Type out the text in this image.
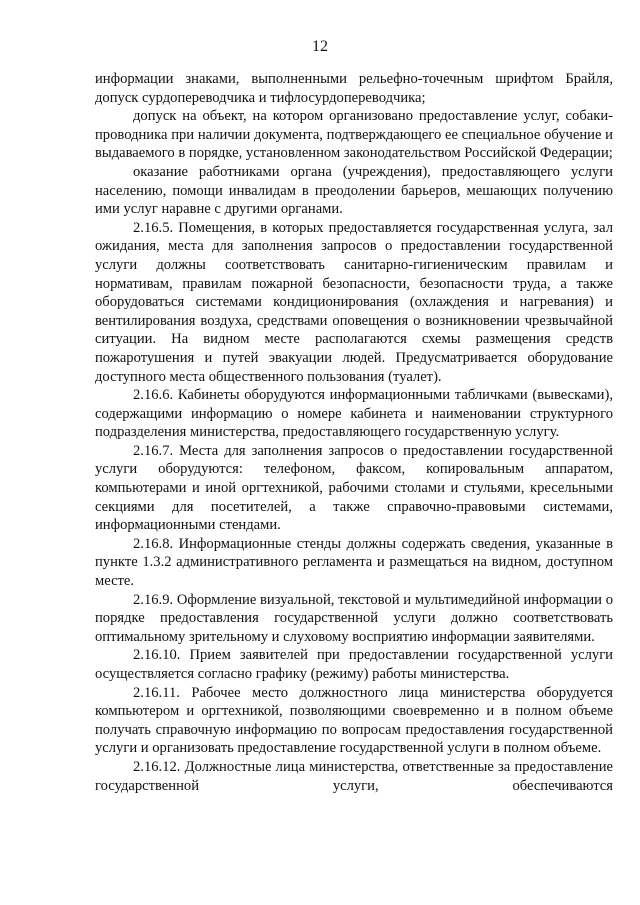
12

информации знаками, выполненными рельефно-точечным шрифтом Брайля, допуск сурдопереводчика и тифлосурдопереводчика;

допуск на объект, на котором организовано предоставление услуг, собаки-проводника при наличии документа, подтверждающего ее специальное обучение и выдаваемого в порядке, установленном законодательством Российской Федерации;

оказание работниками органа (учреждения), предоставляющего услуги населению, помощи инвалидам в преодолении барьеров, мешающих получению ими услуг наравне с другими органами.

2.16.5. Помещения, в которых предоставляется государственная услуга, зал ожидания, места для заполнения запросов о предоставлении государственной услуги должны соответствовать санитарно-гигиеническим правилам и нормативам, правилам пожарной безопасности, безопасности труда, а также оборудоваться системами кондиционирования (охлаждения и нагревания) и вентилирования воздуха, средствами оповещения о возникновении чрезвычайной ситуации. На видном месте располагаются схемы размещения средств пожаротушения и путей эвакуации людей. Предусматривается оборудование доступного места общественного пользования (туалет).

2.16.6. Кабинеты оборудуются информационными табличками (вывесками), содержащими информацию о номере кабинета и наименовании структурного подразделения министерства, предоставляющего государственную услугу.

2.16.7. Места для заполнения запросов о предоставлении государственной услуги оборудуются: телефоном, факсом, копировальным аппаратом, компьютерами и иной оргтехникой, рабочими столами и стульями, кресельными секциями для посетителей, а также справочно-правовыми системами, информационными стендами.

2.16.8. Информационные стенды должны содержать сведения, указанные в пункте 1.3.2 административного регламента и размещаться на видном, доступном месте.

2.16.9. Оформление визуальной, текстовой и мультимедийной информации о порядке предоставления государственной услуги должно соответствовать оптимальному зрительному и слуховому восприятию информации заявителями.

2.16.10. Прием заявителей при предоставлении государственной услуги осуществляется согласно графику (режиму) работы министерства.

2.16.11. Рабочее место должностного лица министерства оборудуется компьютером и оргтехникой, позволяющими своевременно и в полном объеме получать справочную информацию по вопросам предоставления государственной услуги и организовать предоставление государственной услуги в полном объеме.

2.16.12. Должностные лица министерства, ответственные за предоставление государственной услуги, обеспечиваются
